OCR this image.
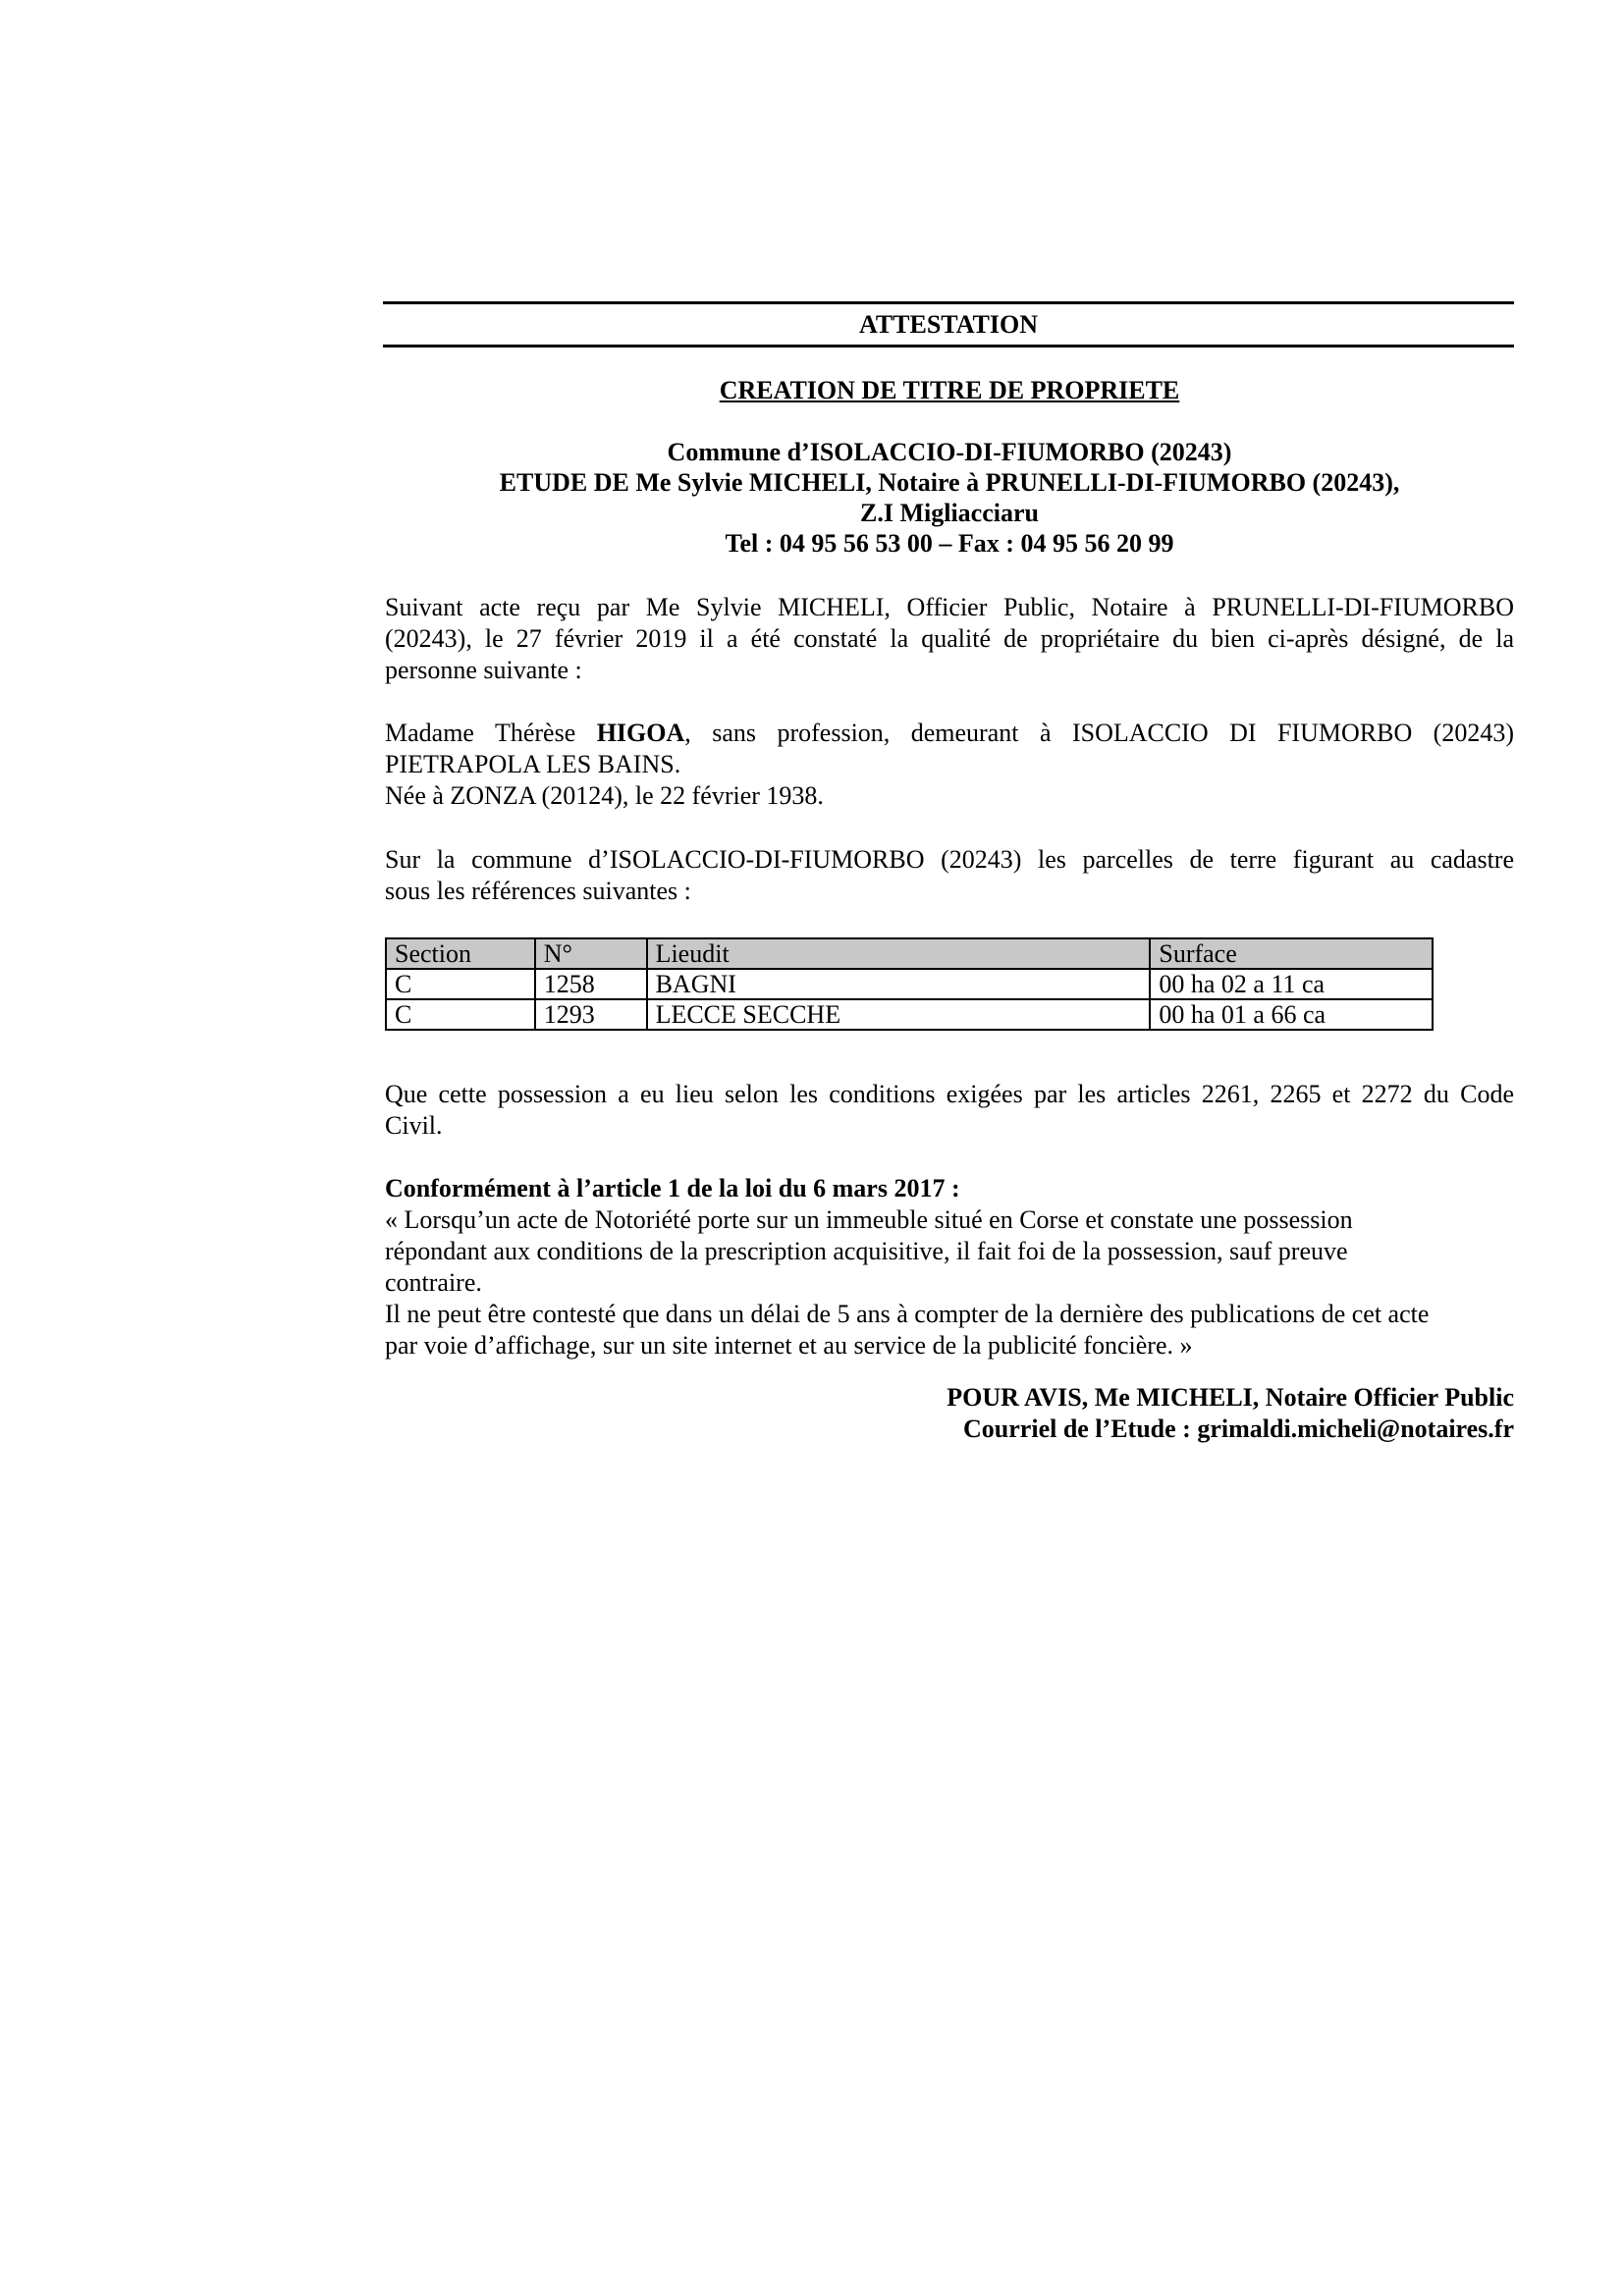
ATTESTATION
CREATION DE TITRE DE PROPRIETE
Commune d’ISOLACCIO-DI-FIUMORBO (20243)
ETUDE DE Me Sylvie MICHELI, Notaire à PRUNELLI-DI-FIUMORBO (20243),
Z.I Migliacciaru
Tel : 04 95 56 53 00 – Fax : 04 95 56 20 99
Suivant acte reçu par Me Sylvie MICHELI, Officier Public, Notaire à PRUNELLI-DI-FIUMORBO
(20243), le 27 février 2019 il a été constaté la qualité de propriétaire du bien ci-après désigné, de la
personne suivante :
Madame Thérèse HIGOA, sans profession, demeurant à ISOLACCIO DI FIUMORBO (20243)
PIETRAPOLA LES BAINS.
Née à ZONZA (20124), le 22 février 1938.
Sur la commune d’ISOLACCIO-DI-FIUMORBO (20243) les parcelles de terre figurant au cadastre
sous les références suivantes :
Section	N°	Lieudit	Surface
C	1258	BAGNI	00 ha 02 a 11 ca
C	1293	LECCE SECCHE	00 ha 01 a 66 ca
Que cette possession a eu lieu selon les conditions exigées par les articles 2261, 2265 et 2272 du Code
Civil.
Conformément à l’article 1 de la loi du 6 mars 2017 :
« Lorsqu’un acte de Notoriété porte sur un immeuble situé en Corse et constate une possession
répondant aux conditions de la prescription acquisitive, il fait foi de la possession, sauf preuve
contraire.
Il ne peut être contesté que dans un délai de 5 ans à compter de la dernière des publications de cet acte
par voie d’affichage, sur un site internet et au service de la publicité foncière. »
POUR AVIS, Me MICHELI, Notaire Officier Public
Courriel de l’Etude : grimaldi.micheli@notaires.fr
